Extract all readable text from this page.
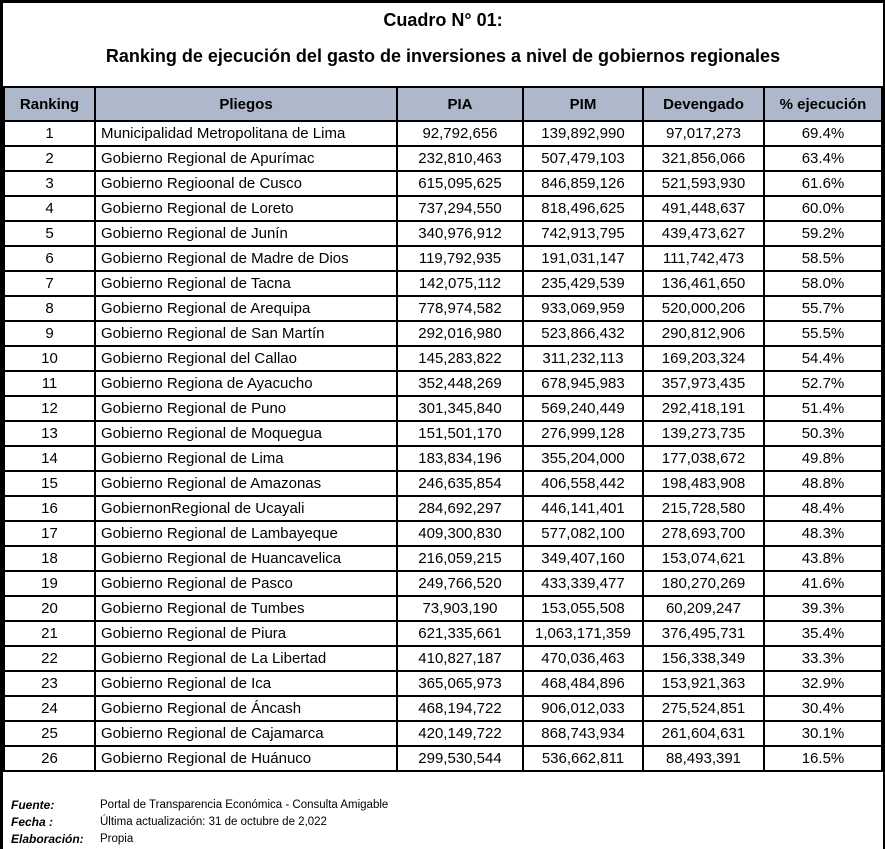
Cuadro N° 01:
Ranking de ejecución del gasto de inversiones a nivel de gobiernos regionales
Ranking	Pliegos	PIA	PIM	Devengado	% ejecución
1	Municipalidad Metropolitana de Lima	92,792,656	139,892,990	97,017,273	69.4%
2	Gobierno Regional de Apurímac	232,810,463	507,479,103	321,856,066	63.4%
3	Gobierno Regioonal de Cusco	615,095,625	846,859,126	521,593,930	61.6%
4	Gobierno Regional de Loreto	737,294,550	818,496,625	491,448,637	60.0%
5	Gobierno Regional de Junín	340,976,912	742,913,795	439,473,627	59.2%
6	Gobierno Regional de Madre de Dios	119,792,935	191,031,147	111,742,473	58.5%
7	Gobierno Regional de Tacna	142,075,112	235,429,539	136,461,650	58.0%
8	Gobierno Regional de Arequipa	778,974,582	933,069,959	520,000,206	55.7%
9	Gobierno Regional de San Martín	292,016,980	523,866,432	290,812,906	55.5%
10	Gobierno Regional del Callao	145,283,822	311,232,113	169,203,324	54.4%
11	Gobierno Regiona de Ayacucho	352,448,269	678,945,983	357,973,435	52.7%
12	Gobierno Regional de Puno	301,345,840	569,240,449	292,418,191	51.4%
13	Gobierno Regional de Moquegua	151,501,170	276,999,128	139,273,735	50.3%
14	Gobierno Regional de Lima	183,834,196	355,204,000	177,038,672	49.8%
15	Gobierno Regional de Amazonas	246,635,854	406,558,442	198,483,908	48.8%
16	GobiernonRegional de Ucayali	284,692,297	446,141,401	215,728,580	48.4%
17	Gobierno Regional de Lambayeque	409,300,830	577,082,100	278,693,700	48.3%
18	Gobierno Regional de Huancavelica	216,059,215	349,407,160	153,074,621	43.8%
19	Gobierno Regional de Pasco	249,766,520	433,339,477	180,270,269	41.6%
20	Gobierno Regional de Tumbes	73,903,190	153,055,508	60,209,247	39.3%
21	Gobierno Regional de Piura	621,335,661	1,063,171,359	376,495,731	35.4%
22	Gobierno Regional de La Libertad	410,827,187	470,036,463	156,338,349	33.3%
23	Gobierno Regional de Ica	365,065,973	468,484,896	153,921,363	32.9%
24	Gobierno Regional de Áncash	468,194,722	906,012,033	275,524,851	30.4%
25	Gobierno Regional de Cajamarca	420,149,722	868,743,934	261,604,631	30.1%
26	Gobierno Regional de Huánuco	299,530,544	536,662,811	88,493,391	16.5%
Fuente:	Portal de Transparencia Económica - Consulta Amigable
Fecha :	Última actualización: 31 de octubre de 2,022
Elaboración:	Propia
